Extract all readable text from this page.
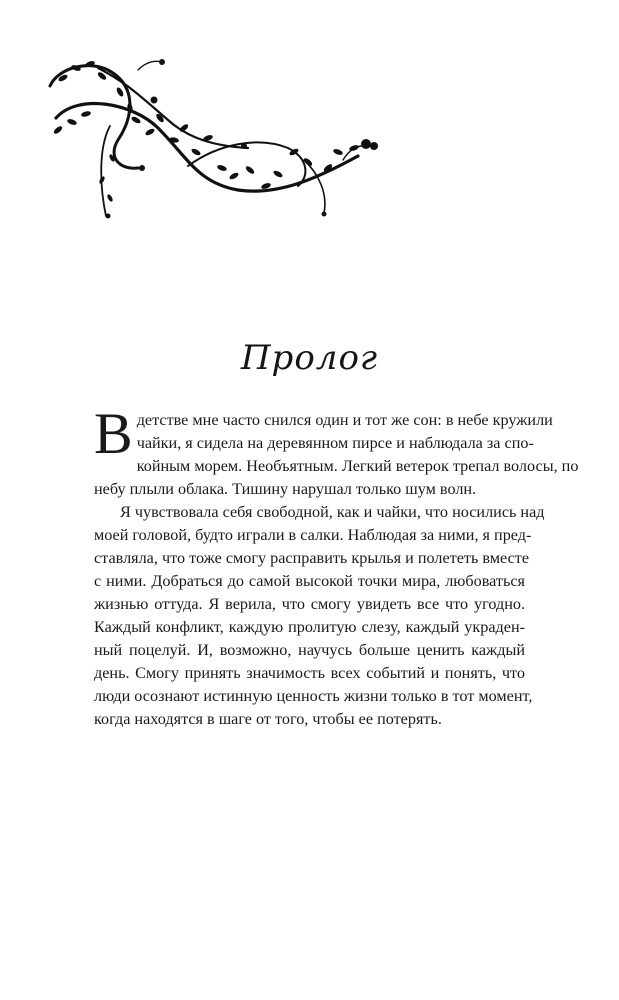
Пролог
В детстве мне часто снился один и тот же сон: в небе кружили
чайки, я сидела на деревянном пирсе и наблюдала за спо-
койным морем. Необъятным. Легкий ветерок трепал волосы, по
небу плыли облака. Тишину нарушал только шум волн.
Я чувствовала себя свободной, как и чайки, что носились над
моей головой, будто играли в салки. Наблюдая за ними, я пред-
ставляла, что тоже смогу расправить крылья и полететь вместе
с ними. Добраться до самой высокой точки мира, любоваться
жизнью оттуда. Я верила, что смогу увидеть все что угодно.
Каждый конфликт, каждую пролитую слезу, каждый украден-
ный поцелуй. И, возможно, научусь больше ценить каждый
день. Смогу принять значимость всех событий и понять, что
люди осознают истинную ценность жизни только в тот момент,
когда находятся в шаге от того, чтобы ее потерять.
